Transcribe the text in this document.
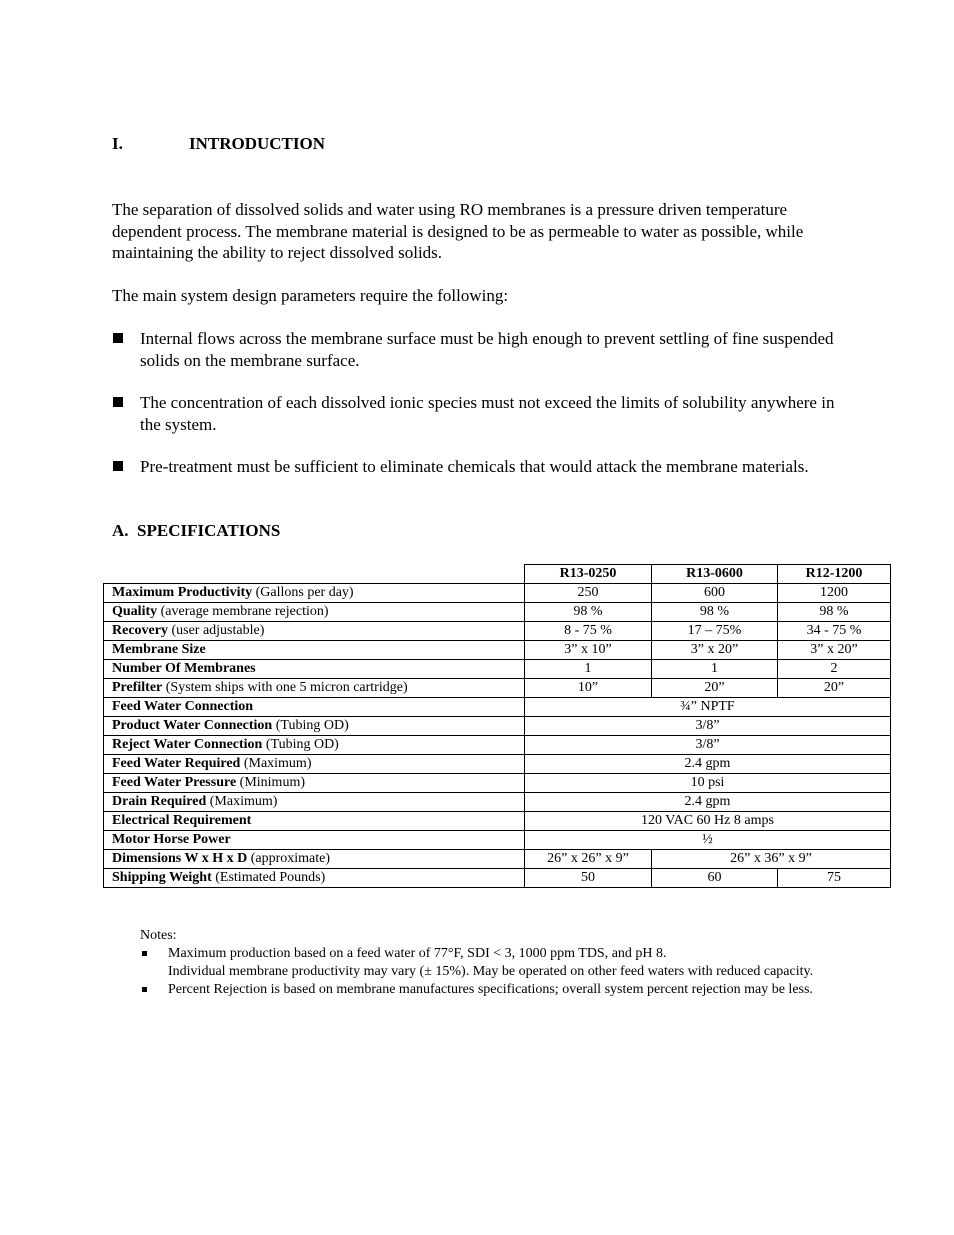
I.	INTRODUCTION

The separation of dissolved solids and water using RO membranes is a pressure driven temperature dependent process. The membrane material is designed to be as permeable to water as possible, while maintaining the ability to reject dissolved solids.

The main system design parameters require the following:

Internal flows across the membrane surface must be high enough to prevent settling of fine suspended solids on the membrane surface.
The concentration of each dissolved ionic species must not exceed the limits of solubility anywhere in the system.
Pre-treatment must be sufficient to eliminate chemicals that would attack the membrane materials.
A.  SPECIFICATIONS
	R13-0250	R13-0600	R12-1200
Maximum Productivity (Gallons per day)	250	600	1200
Quality (average membrane rejection)	98 %	98 %	98 %
Recovery (user adjustable)	8 - 75 %	17 – 75%	34 - 75 %
Membrane Size	3” x 10”	3” x 20”	3” x 20”
Number Of Membranes	1	1	2
Prefilter (System ships with one 5 micron cartridge)	10”	20”	20”
Feed Water Connection	¾” NPTF		
Product Water Connection (Tubing OD)	3/8”		
Reject Water Connection (Tubing OD)	3/8”		
Feed Water Required (Maximum)	2.4 gpm		
Feed Water Pressure (Minimum)	10 psi		
Drain Required (Maximum)	2.4 gpm		
Electrical Requirement	120 VAC 60 Hz 8 amps		
Motor Horse Power	½		
Dimensions W x H x D (approximate)	26” x 26” x 9”	26” x 36” x 9”	
Shipping Weight (Estimated Pounds)	50	60	75

Notes:

Maximum production based on a feed water of 77°F, SDI < 3, 1000 ppm TDS, and pH 8.
Individual membrane productivity may vary (± 15%). May be operated on other feed waters with reduced capacity.
Percent Rejection is based on membrane manufactures specifications; overall system percent rejection may be less.
